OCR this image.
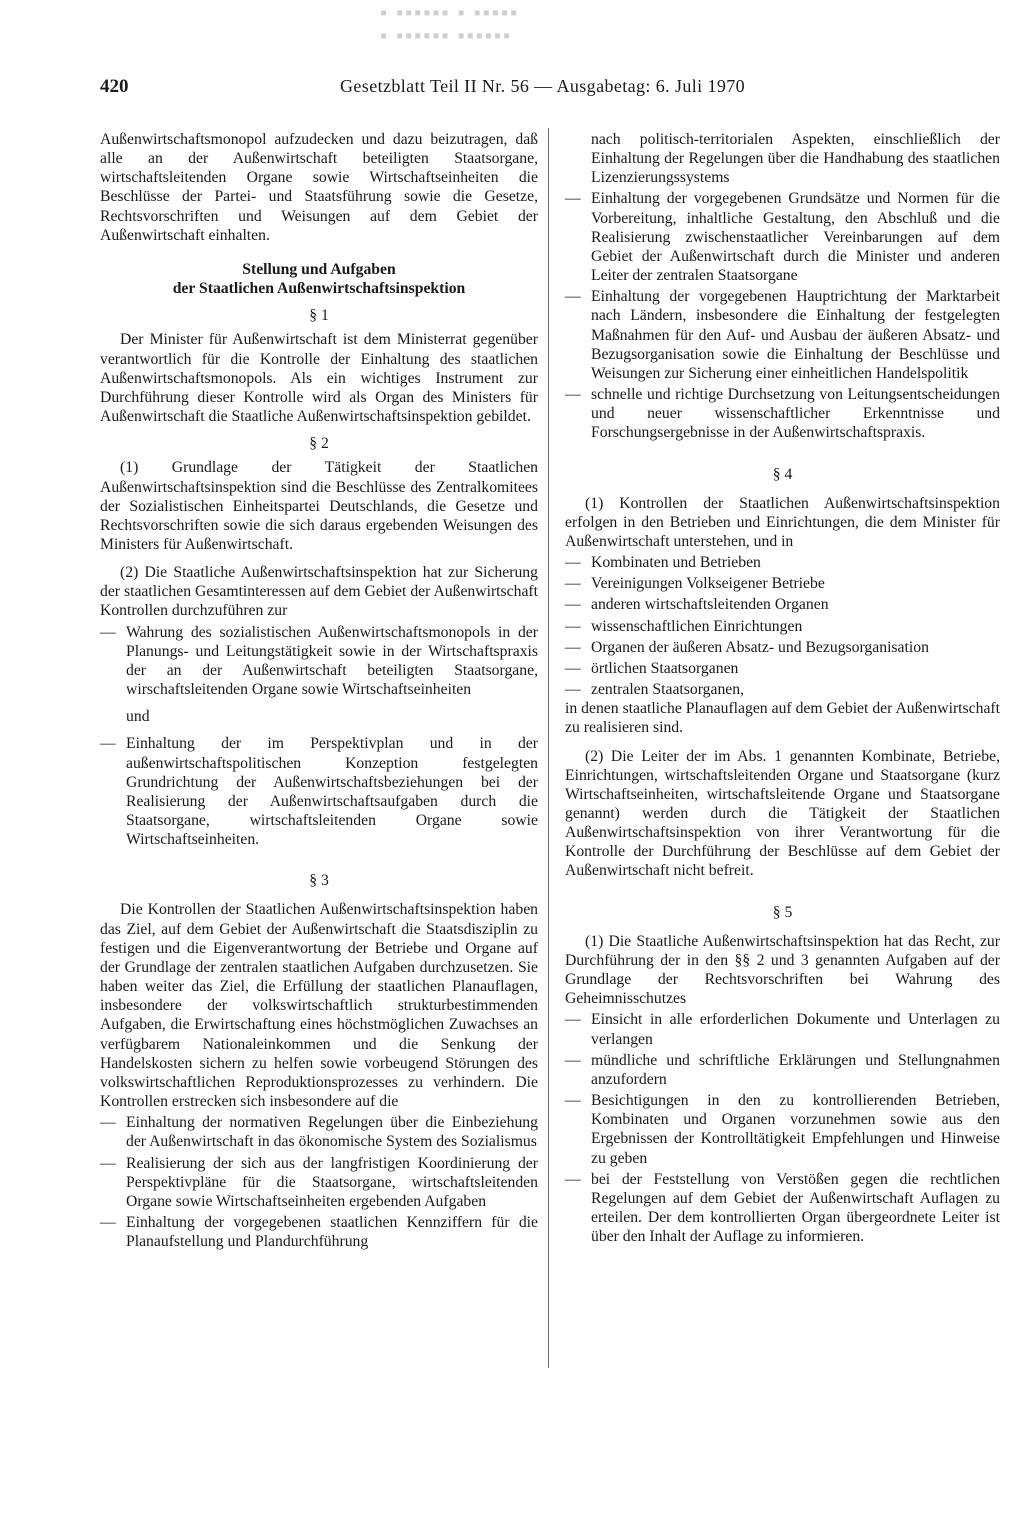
▪ ▪▪▪▪▪▪ ▪ ▪▪▪▪▪
▪ ▪▪▪▪▪▪ ▪▪▪▪▪▪
420	Gesetzblatt Teil II Nr. 56 — Ausgabetag: 6. Juli 1970

Außenwirtschaftsmonopol aufzudecken und dazu beizutragen, daß alle an der Außenwirtschaft beteiligten Staatsorgane, wirtschaftsleitenden Organe sowie Wirtschaftseinheiten die Beschlüsse der Partei- und Staatsführung sowie die Gesetze, Rechtsvorschriften und Weisungen auf dem Gebiet der Außenwirtschaft einhalten.

Stellung und Aufgaben
der Staatlichen Außenwirtschaftsinspektion
§ 1

Der Minister für Außenwirtschaft ist dem Ministerrat gegenüber verantwortlich für die Kontrolle der Einhaltung des staatlichen Außenwirtschaftsmonopols. Als ein wichtiges Instrument zur Durchführung dieser Kontrolle wird als Organ des Ministers für Außenwirtschaft die Staatliche Außenwirtschaftsinspektion gebildet.

§ 2

(1) Grundlage der Tätigkeit der Staatlichen Außenwirtschaftsinspektion sind die Beschlüsse des Zentralkomitees der Sozialistischen Einheitspartei Deutschlands, die Gesetze und Rechtsvorschriften sowie die sich daraus ergebenden Weisungen des Ministers für Außenwirtschaft.

(2) Die Staatliche Außenwirtschaftsinspektion hat zur Sicherung der staatlichen Gesamtinteressen auf dem Gebiet der Außenwirtschaft Kontrollen durchzuführen zur

— Wahrung des sozialistischen Außenwirtschaftsmonopols in der Planungs- und Leitungstätigkeit sowie in der Wirtschaftspraxis der an der Außenwirtschaft beteiligten Staatsorgane, wirschaftsleitenden Organe sowie Wirtschaftseinheiten
und
— Einhaltung der im Perspektivplan und in der außenwirtschaftspolitischen Konzeption festgelegten Grundrichtung der Außenwirtschaftsbeziehungen bei der Realisierung der Außenwirtschaftsaufgaben durch die Staatsorgane, wirtschaftsleitenden Organe sowie Wirtschaftseinheiten.
§ 3

Die Kontrollen der Staatlichen Außenwirtschaftsinspektion haben das Ziel, auf dem Gebiet der Außenwirtschaft die Staatsdisziplin zu festigen und die Eigenverantwortung der Betriebe und Organe auf der Grundlage der zentralen staatlichen Aufgaben durchzusetzen. Sie haben weiter das Ziel, die Erfüllung der staatlichen Planauflagen, insbesondere der volkswirtschaftlich strukturbestimmenden Aufgaben, die Erwirtschaftung eines höchstmöglichen Zuwachses an verfügbarem Nationaleinkommen und die Senkung der Handelskosten sichern zu helfen sowie vorbeugend Störungen des volkswirtschaftlichen Reproduktionsprozesses zu verhindern. Die Kontrollen erstrecken sich insbesondere auf die

— Einhaltung der normativen Regelungen über die Einbeziehung der Außenwirtschaft in das ökonomische System des Sozialismus
— Realisierung der sich aus der langfristigen Koordinierung der Perspektivpläne für die Staatsorgane, wirtschaftsleitenden Organe sowie Wirtschaftseinheiten ergebenden Aufgaben
— Einhaltung der vorgegebenen staatlichen Kennziffern für die Planaufstellung und Plandurchführung

nach politisch-territorialen Aspekten, einschließlich der Einhaltung der Regelungen über die Handhabung des staatlichen Lizenzierungssystems

— Einhaltung der vorgegebenen Grundsätze und Normen für die Vorbereitung, inhaltliche Gestaltung, den Abschluß und die Realisierung zwischenstaatlicher Vereinbarungen auf dem Gebiet der Außenwirtschaft durch die Minister und anderen Leiter der zentralen Staatsorgane
— Einhaltung der vorgegebenen Hauptrichtung der Marktarbeit nach Ländern, insbesondere die Einhaltung der festgelegten Maßnahmen für den Auf- und Ausbau der äußeren Absatz- und Bezugsorganisation sowie die Einhaltung der Beschlüsse und Weisungen zur Sicherung einer einheitlichen Handelspolitik
— schnelle und richtige Durchsetzung von Leitungsentscheidungen und neuer wissenschaftlicher Erkenntnisse und Forschungsergebnisse in der Außenwirtschaftspraxis.
§ 4

(1) Kontrollen der Staatlichen Außenwirtschaftsinspektion erfolgen in den Betrieben und Einrichtungen, die dem Minister für Außenwirtschaft unterstehen, und in

— Kombinaten und Betrieben
— Vereinigungen Volkseigener Betriebe
— anderen wirtschaftsleitenden Organen
— wissenschaftlichen Einrichtungen
— Organen der äußeren Absatz- und Bezugsorganisation
— örtlichen Staatsorganen
— zentralen Staatsorganen,

in denen staatliche Planauflagen auf dem Gebiet der Außenwirtschaft zu realisieren sind.

(2) Die Leiter der im Abs. 1 genannten Kombinate, Betriebe, Einrichtungen, wirtschaftsleitenden Organe und Staatsorgane (kurz Wirtschaftseinheiten, wirtschaftsleitende Organe und Staatsorgane genannt) werden durch die Tätigkeit der Staatlichen Außenwirtschaftsinspektion von ihrer Verantwortung für die Kontrolle der Durchführung der Beschlüsse auf dem Gebiet der Außenwirtschaft nicht befreit.

§ 5

(1) Die Staatliche Außenwirtschaftsinspektion hat das Recht, zur Durchführung der in den §§ 2 und 3 genannten Aufgaben auf der Grundlage der Rechtsvorschriften bei Wahrung des Geheimnisschutzes

— Einsicht in alle erforderlichen Dokumente und Unterlagen zu verlangen
— mündliche und schriftliche Erklärungen und Stellungnahmen anzufordern
— Besichtigungen in den zu kontrollierenden Betrieben, Kombinaten und Organen vorzunehmen sowie aus den Ergebnissen der Kontrolltätigkeit Empfehlungen und Hinweise zu geben
— bei der Feststellung von Verstößen gegen die rechtlichen Regelungen auf dem Gebiet der Außenwirtschaft Auflagen zu erteilen. Der dem kontrollierten Organ übergeordnete Leiter ist über den Inhalt der Auflage zu informieren.
